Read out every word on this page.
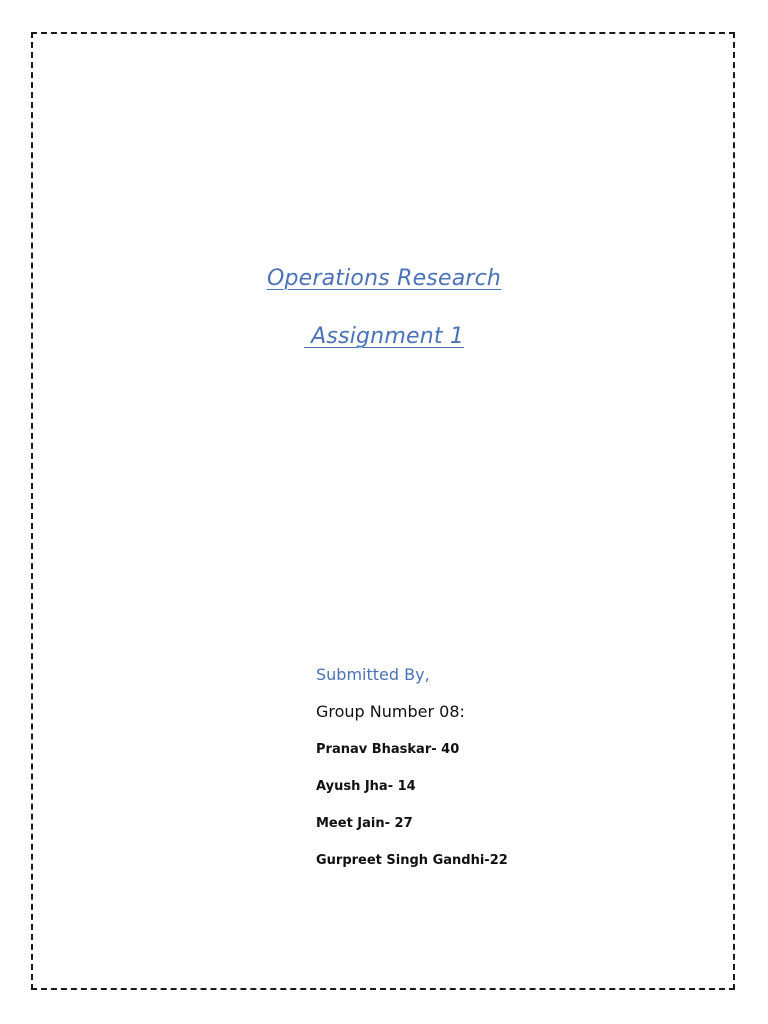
Operations Research
Assignment 1
Submitted By,
Group Number 08:
Pranav Bhaskar- 40
Ayush Jha- 14
Meet Jain- 27
Gurpreet Singh Gandhi-22
